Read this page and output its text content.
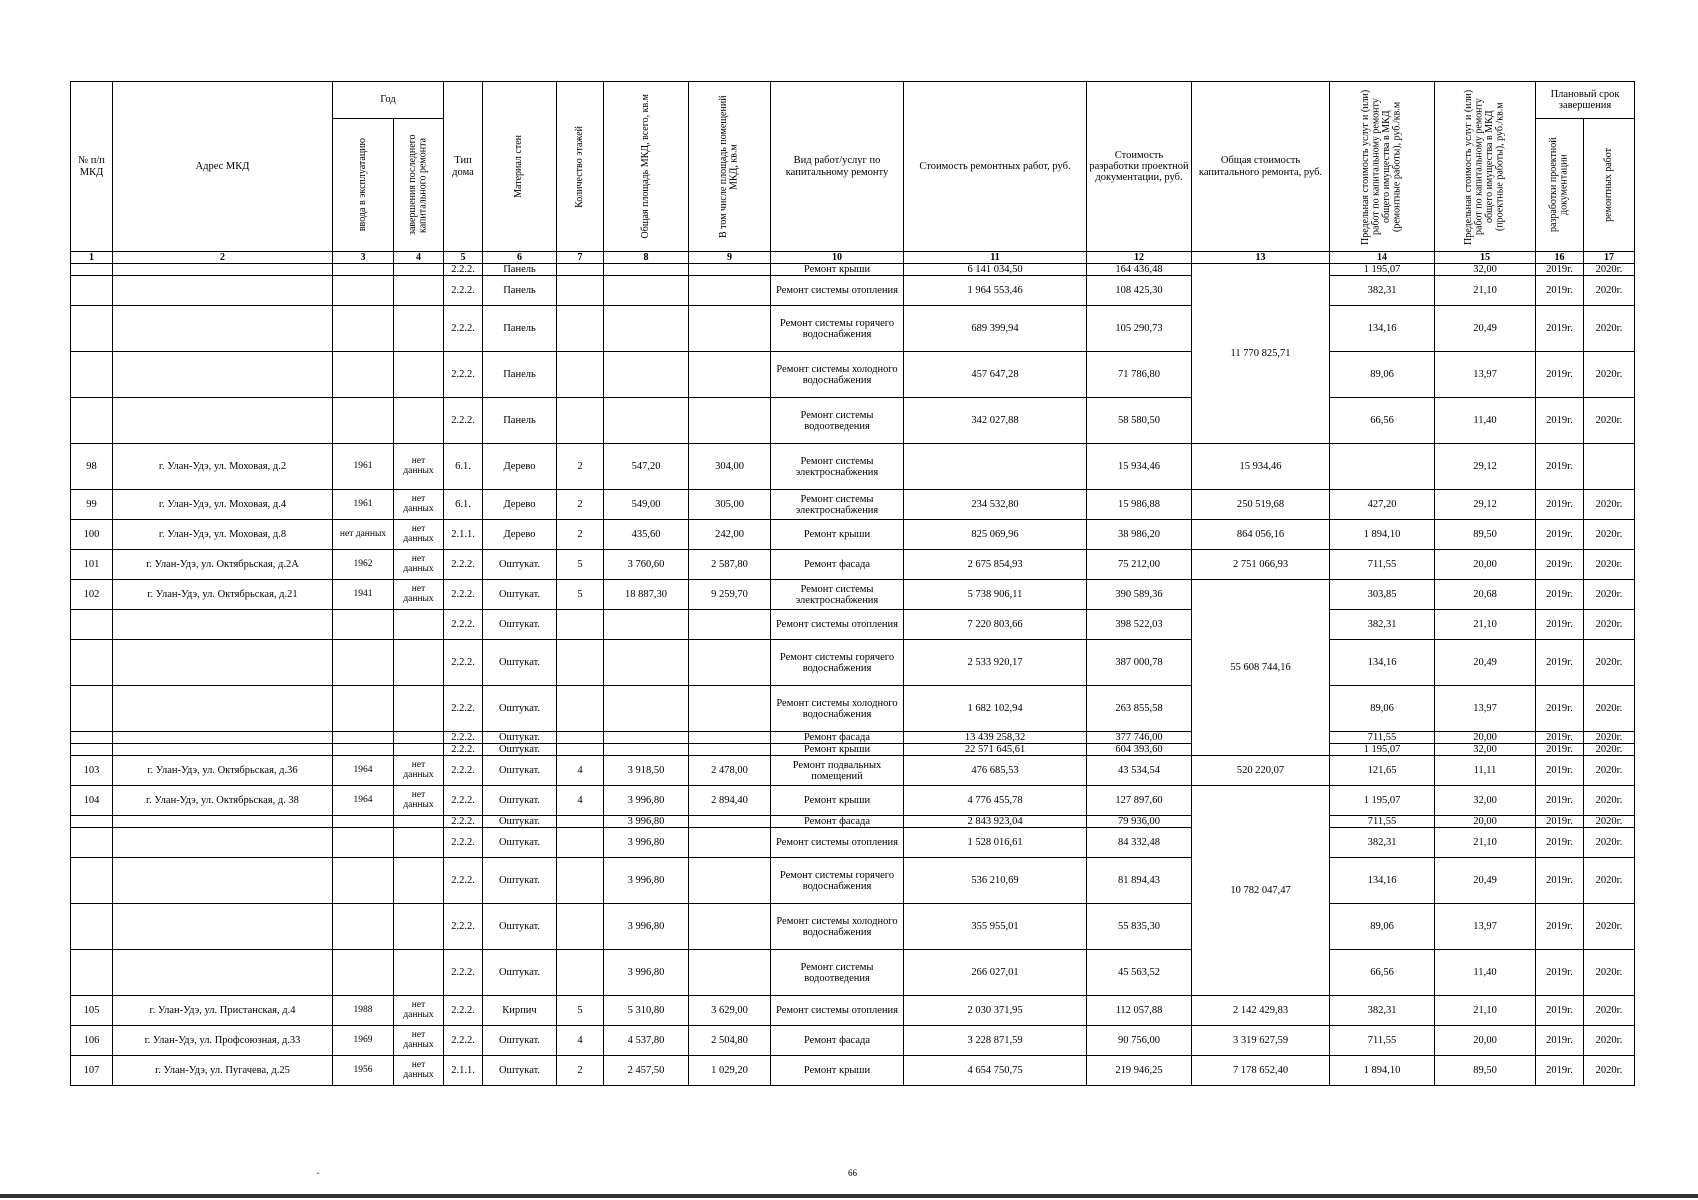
№ п/п МКД	Адрес МКД	Год		Тип дома	Материал стен	Количество этажей	Общая площадь МКД, всего, кв.м	В том числе площадь помещений МКД, кв.м	Вид работ/услуг по капитальному ремонту	Стоимость ремонтных работ, руб.	Стоимость разработки проектной документации, руб.	Общая стоимость капитального ремонта, руб.	Предельная стоимость услуг и (или) работ по капитальному ремонту общего имущества в МКД (ремонтные работы), руб./кв.м	Предельная стоимость услуг и (или) работ по капитальному ремонту общего имущества в МКД (проектные работы), руб./кв.м	Плановый срок завершения	

		ввода в эксплуатацию	завершения последнего капитального ремонта												разработки проектной документации	ремонтных работ

1	2	3	4	5	6	7	8	9	10	11	12	13	14	15	16	17
				2.2.2.	Панель				Ремонт крыши	6 141 034,50	164 436,48	11 770 825,71	1 195,07	32,00	2019г.	2020г.
				2.2.2.	Панель				Ремонт системы отопления	1 964 553,46	108 425,30		382,31	21,10	2019г.	2020г.
				2.2.2.	Панель				Ремонт системы горячего водоснабжения	689 399,94	105 290,73		134,16	20,49	2019г.	2020г.
				2.2.2.	Панель				Ремонт системы холодного водоснабжения	457 647,28	71 786,80		89,06	13,97	2019г.	2020г.
				2.2.2.	Панель				Ремонт системы водоотведения	342 027,88	58 580,50		66,56	11,40	2019г.	2020г.
98	г. Улан-Удэ, ул. Моховая, д.2	1961	нет данных	6.1.	Дерево	2	547,20	304,00	Ремонт системы электроснабжения		15 934,46	15 934,46		29,12	2019г.	
99	г. Улан-Удэ, ул. Моховая, д.4	1961	нет данных	6.1.	Дерево	2	549,00	305,00	Ремонт системы электроснабжения	234 532,80	15 986,88	250 519,68	427,20	29,12	2019г.	2020г.
100	г. Улан-Удэ, ул. Моховая, д.8	нет данных	нет данных	2.1.1.	Дерево	2	435,60	242,00	Ремонт крыши	825 069,96	38 986,20	864 056,16	1 894,10	89,50	2019г.	2020г.
101	г. Улан-Удэ, ул. Октябрьская, д.2А	1962	нет данных	2.2.2.	Оштукат.	5	3 760,60	2 587,80	Ремонт фасада	2 675 854,93	75 212,00	2 751 066,93	711,55	20,00	2019г.	2020г.
102	г. Улан-Удэ, ул. Октябрьская, д.21	1941	нет данных	2.2.2.	Оштукат.	5	18 887,30	9 259,70	Ремонт системы электроснабжения	5 738 906,11	390 589,36	55 608 744,16	303,85	20,68	2019г.	2020г.
				2.2.2.	Оштукат.				Ремонт системы отопления	7 220 803,66	398 522,03		382,31	21,10	2019г.	2020г.
				2.2.2.	Оштукат.				Ремонт системы горячего водоснабжения	2 533 920,17	387 000,78		134,16	20,49	2019г.	2020г.
				2.2.2.	Оштукат.				Ремонт системы холодного водоснабжения	1 682 102,94	263 855,58		89,06	13,97	2019г.	2020г.
				2.2.2.	Оштукат.				Ремонт фасада	13 439 258,32	377 746,00		711,55	20,00	2019г.	2020г.
				2.2.2.	Оштукат.				Ремонт крыши	22 571 645,61	604 393,60		1 195,07	32,00	2019г.	2020г.
103	г. Улан-Удэ, ул. Октябрьская, д.36	1964	нет данных	2.2.2.	Оштукат.	4	3 918,50	2 478,00	Ремонт подвальных помещений	476 685,53	43 534,54	520 220,07	121,65	11,11	2019г.	2020г.
104	г. Улан-Удэ, ул. Октябрьская, д. 38	1964	нет данных	2.2.2.	Оштукат.	4	3 996,80	2 894,40	Ремонт крыши	4 776 455,78	127 897,60	10 782 047,47	1 195,07	32,00	2019г.	2020г.
				2.2.2.	Оштукат.		3 996,80		Ремонт фасада	2 843 923,04	79 936,00		711,55	20,00	2019г.	2020г.
				2.2.2.	Оштукат.		3 996,80		Ремонт системы отопления	1 528 016,61	84 332,48		382,31	21,10	2019г.	2020г.
				2.2.2.	Оштукат.		3 996,80		Ремонт системы горячего водоснабжения	536 210,69	81 894,43		134,16	20,49	2019г.	2020г.
				2.2.2.	Оштукат.		3 996,80		Ремонт системы холодного водоснабжения	355 955,01	55 835,30		89,06	13,97	2019г.	2020г.
				2.2.2.	Оштукат.		3 996,80		Ремонт системы водоотведения	266 027,01	45 563,52		66,56	11,40	2019г.	2020г.
105	г. Улан-Удэ, ул. Пристанская, д.4	1988	нет данных	2.2.2.	Кирпич	5	5 310,80	3 629,00	Ремонт системы отопления	2 030 371,95	112 057,88	2 142 429,83	382,31	21,10	2019г.	2020г.
106	г. Улан-Удэ, ул. Профсоюзная, д.33	1969	нет данных	2.2.2.	Оштукат.	4	4 537,80	2 504,80	Ремонт фасада	3 228 871,59	90 756,00	3 319 627,59	711,55	20,00	2019г.	2020г.
107	г. Улан-Удэ, ул. Пугачева, д.25	1956	нет данных	2.1.1.	Оштукат.	2	2 457,50	1 029,20	Ремонт крыши	4 654 750,75	219 946,25	7 178 652,40	1 894,10	89,50	2019г.	2020г.
·	66
